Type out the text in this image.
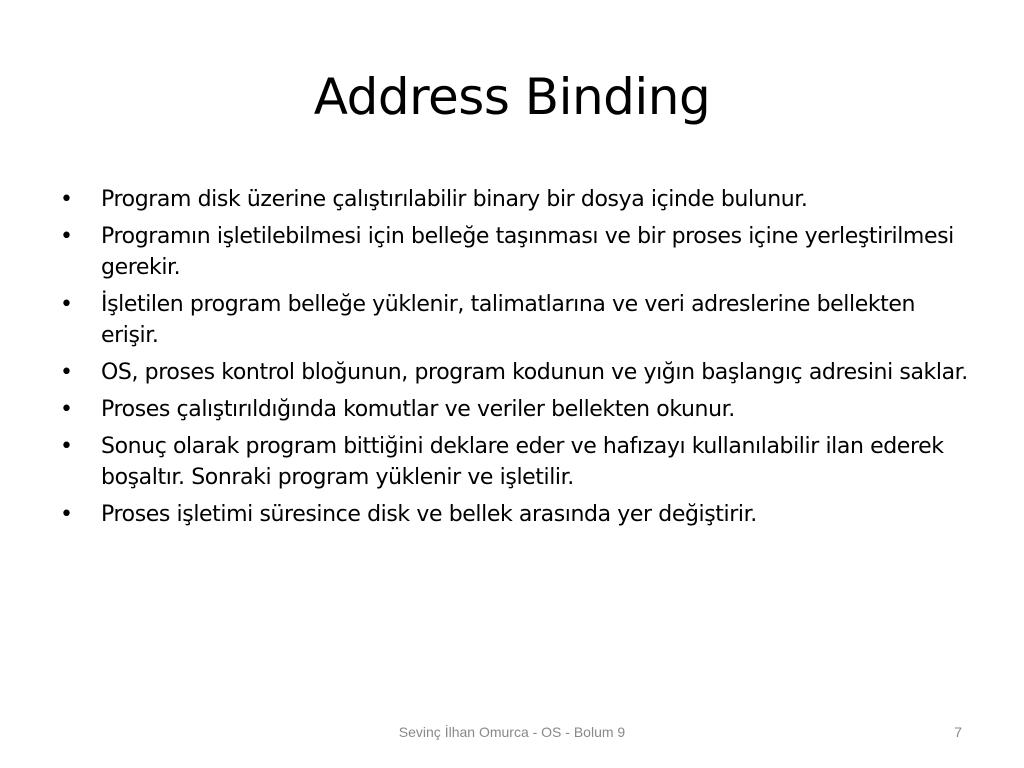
Address Binding
•	Program disk üzerine çalıştırılabilir binary bir dosya içinde bulunur.
•	Programın işletilebilmesi için belleğe taşınması ve bir proses içine yerleştirilmesi gerekir.
•	İşletilen program belleğe yüklenir, talimatlarına ve veri adreslerine bellekten erişir.
•	OS, proses kontrol bloğunun, program kodunun ve yığın başlangıç adresini saklar.
•	Proses çalıştırıldığında komutlar ve veriler bellekten okunur.
•	Sonuç olarak program bittiğini deklare eder ve hafızayı kullanılabilir ilan ederek boşaltır. Sonraki program yüklenir ve işletilir.
•	Proses işletimi süresince disk ve bellek arasında yer değiştirir.
Sevinç İlhan Omurca - OS - Bolum 9	7
